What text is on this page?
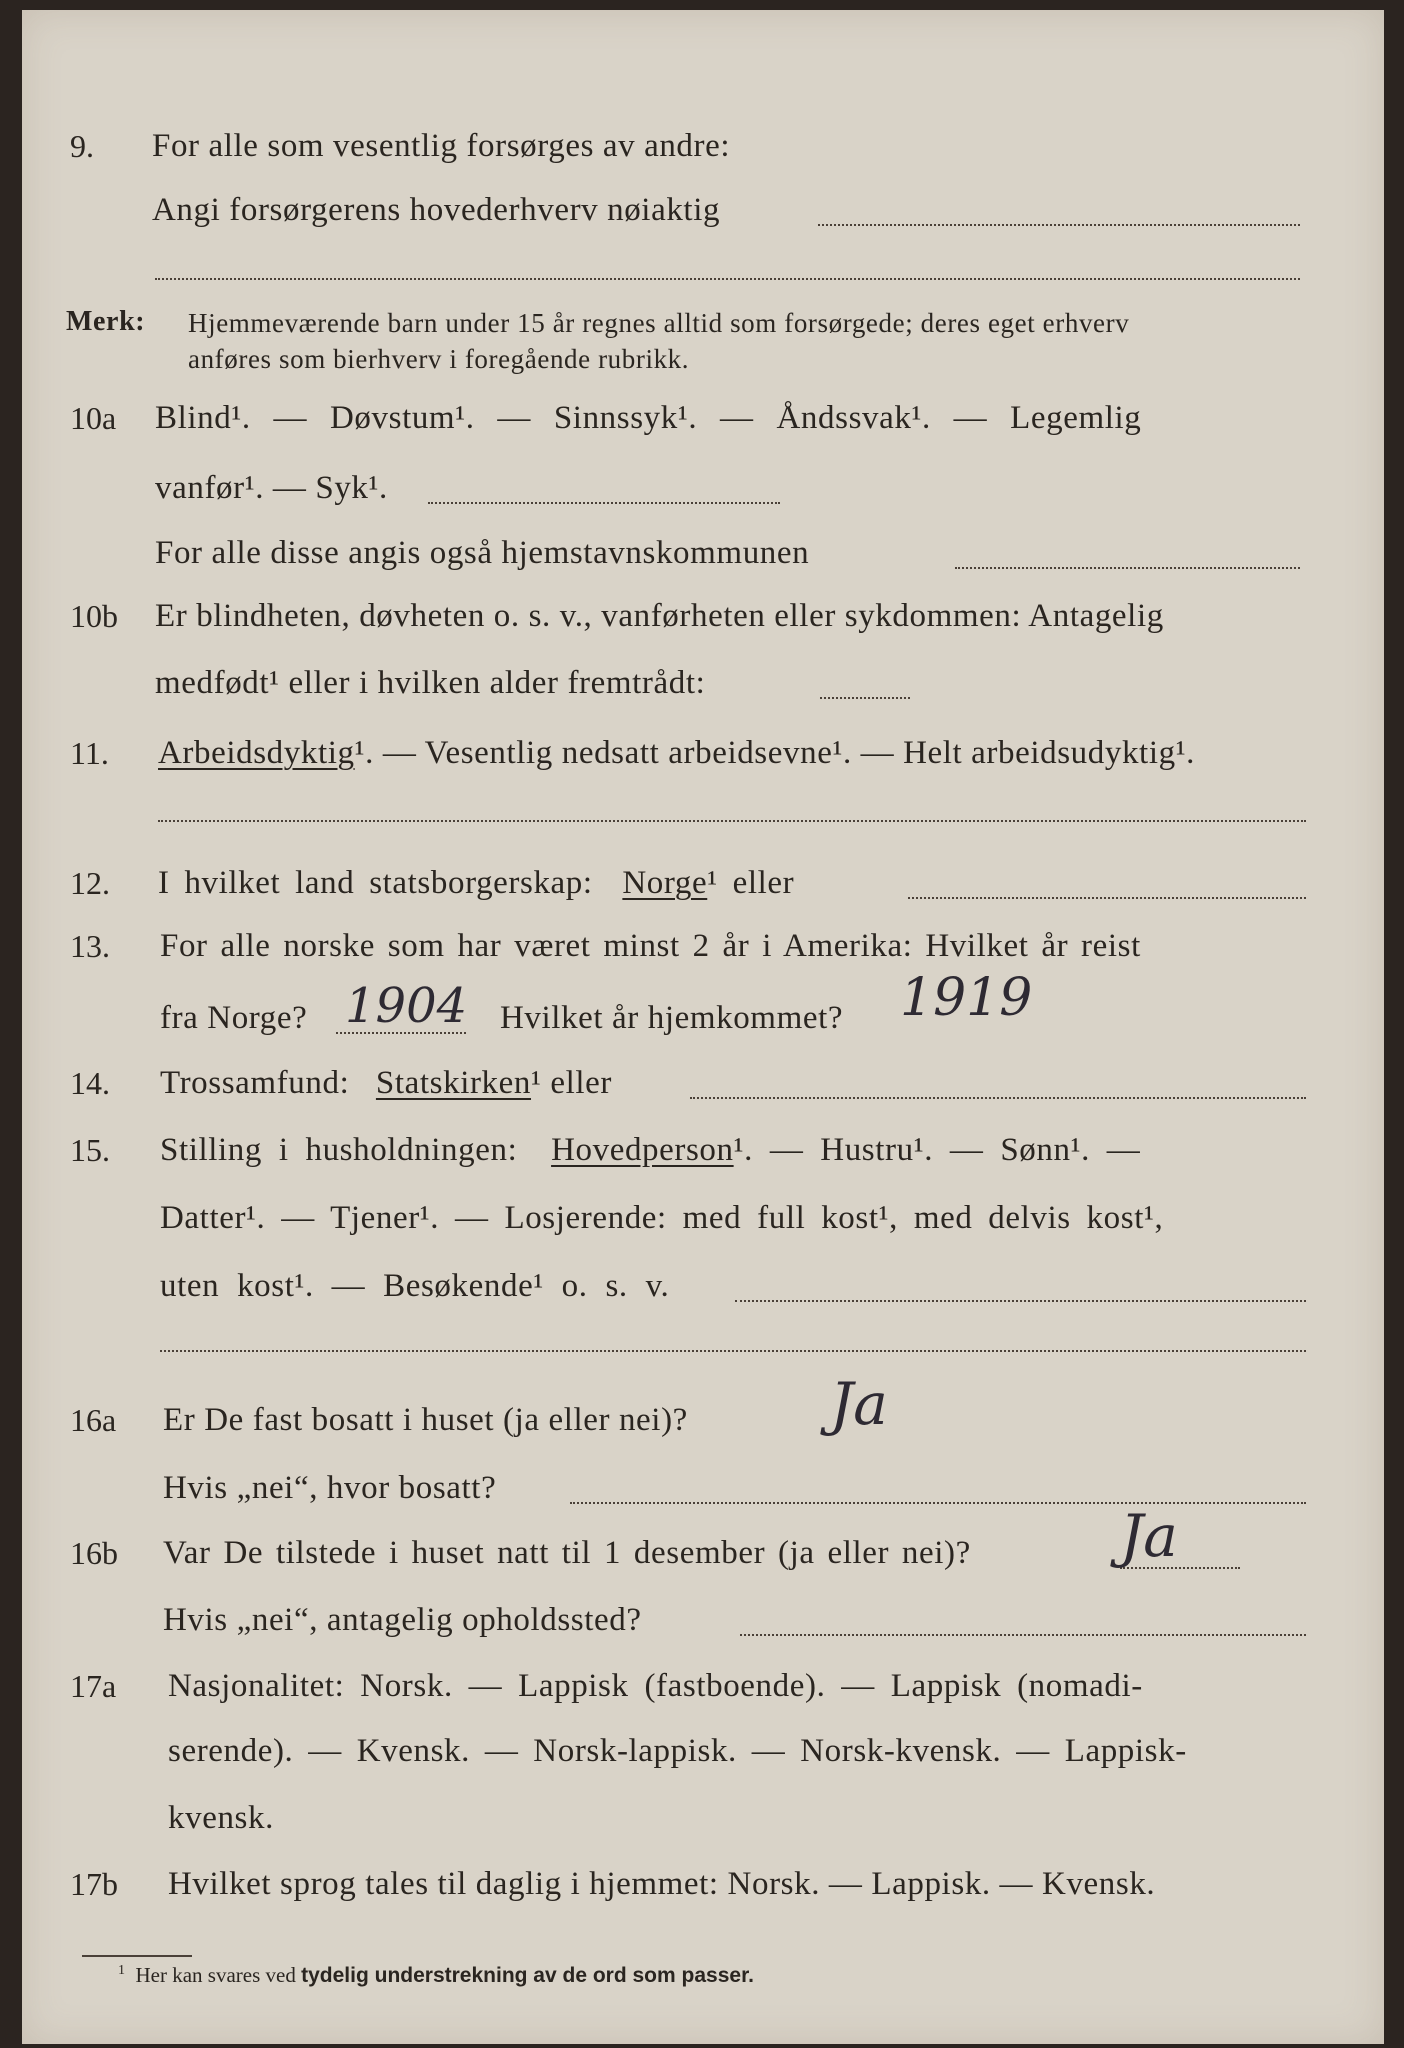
9. For alle som vesentlig forsørges av andre:
Angi forsørgerens hovederhverv nøiaktig
Merk: Hjemmeværende barn under 15 år regnes alltid som forsørgede; deres eget erhverv
anføres som bierhverv i foregående rubrikk.
10a Blind¹. — Døvstum¹. — Sinnssyk¹. — Åndssvak¹. — Legemlig
vanfør¹. — Syk¹.
For alle disse angis også hjemstavnskommunen
10b Er blindheten, døvheten o. s. v., vanførheten eller sykdommen: Antagelig
medfødt¹ eller i hvilken alder fremtrådt:
11. Arbeidsdyktig¹. — Vesentlig nedsatt arbeidsevne¹. — Helt arbeidsudyktig¹.
12. I hvilket land statsborgerskap: Norge¹ eller
13. For alle norske som har været minst 2 år i Amerika: Hvilket år reist
fra Norge?	Hvilket år hjemkommet?
1904	1919
14. Trossamfund: Statskirken¹ eller
15. Stilling i husholdningen: Hovedperson¹. — Hustru¹. — Sønn¹. —
Datter¹. — Tjener¹. — Losjerende: med full kost¹, med delvis kost¹,
uten kost¹. — Besøkende¹ o. s. v.
16a Er De fast bosatt i huset (ja eller nei)? Ja
Hvis „nei“, hvor bosatt?
16b Var De tilstede i huset natt til 1 desember (ja eller nei)?	Ja
Hvis „nei“, antagelig opholdssted?
17a Nasjonalitet: Norsk. — Lappisk (fastboende). — Lappisk (nomadi-
serende). — Kvensk. — Norsk-lappisk. — Norsk-kvensk. — Lappisk-
kvensk.
17b Hvilket sprog tales til daglig i hjemmet: Norsk. — Lappisk. — Kvensk.
$^1$ Her kan svares ved tydelig understrekning av de ord som passer.
